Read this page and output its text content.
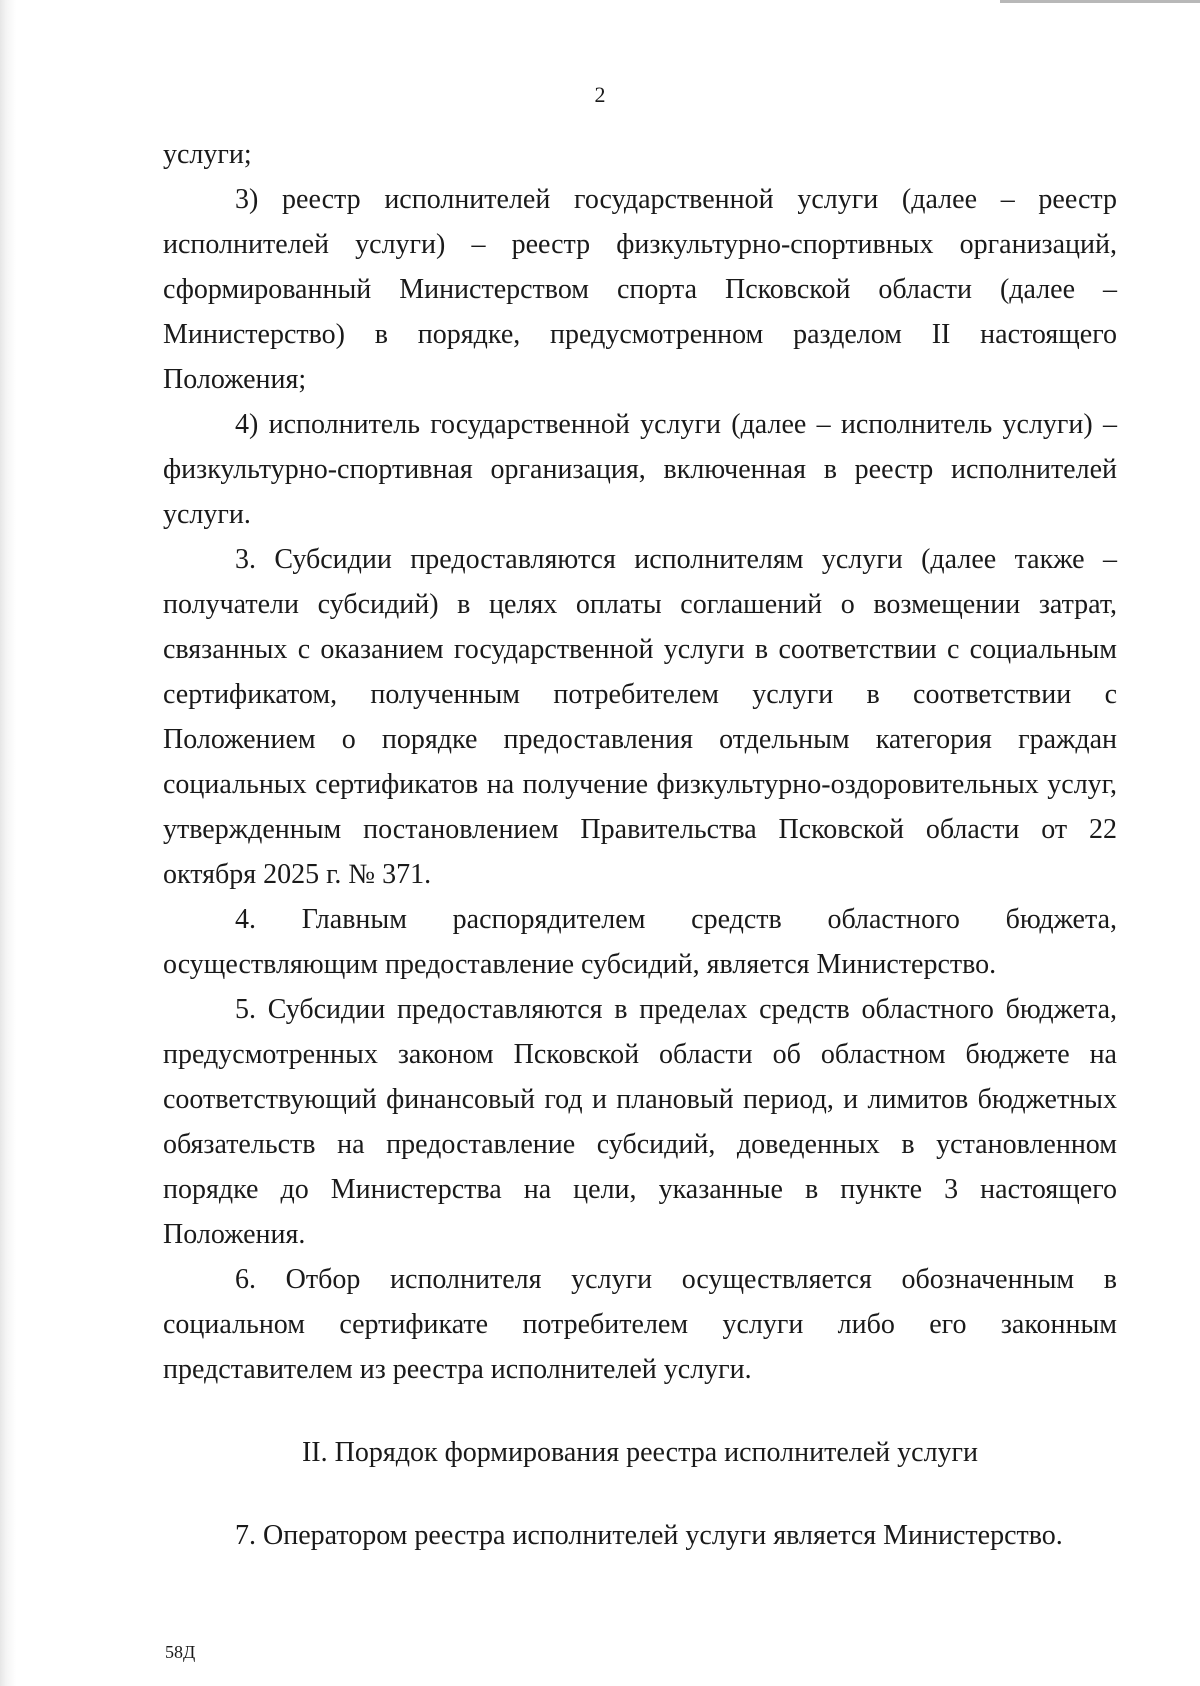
2

услуги;

3) реестр исполнителей государственной услуги (далее – реестр исполнителей услуги) – реестр физкультурно-спортивных организаций, сформированный Министерством спорта Псковской области (далее – Министерство) в порядке, предусмотренном разделом II настоящего Положения;

4) исполнитель государственной услуги (далее – исполнитель услуги) – физкультурно-спортивная организация, включенная в реестр исполнителей услуги.

3. Субсидии предоставляются исполнителям услуги (далее также – получатели субсидий) в целях оплаты соглашений о возмещении затрат, связанных с оказанием государственной услуги в соответствии с социальным сертификатом, полученным потребителем услуги в соответствии с Положением о порядке предоставления отдельным категория граждан социальных сертификатов на получение физкультурно-оздоровительных услуг, утвержденным постановлением Правительства Псковской области от 22 октября 2025 г. № 371.

4. Главным распорядителем средств областного бюджета, осуществляющим предоставление субсидий, является Министерство.

5. Субсидии предоставляются в пределах средств областного бюджета, предусмотренных законом Псковской области об областном бюджете на соответствующий финансовый год и плановый период, и лимитов бюджетных обязательств на предоставление субсидий, доведенных в установленном порядке до Министерства на цели, указанные в пункте 3 настоящего Положения.

6. Отбор исполнителя услуги осуществляется обозначенным в социальном сертификате потребителем услуги либо его законным представителем из реестра исполнителей услуги.

II. Порядок формирования реестра исполнителей услуги

7. Оператором реестра исполнителей услуги является Министерство.

58Д
